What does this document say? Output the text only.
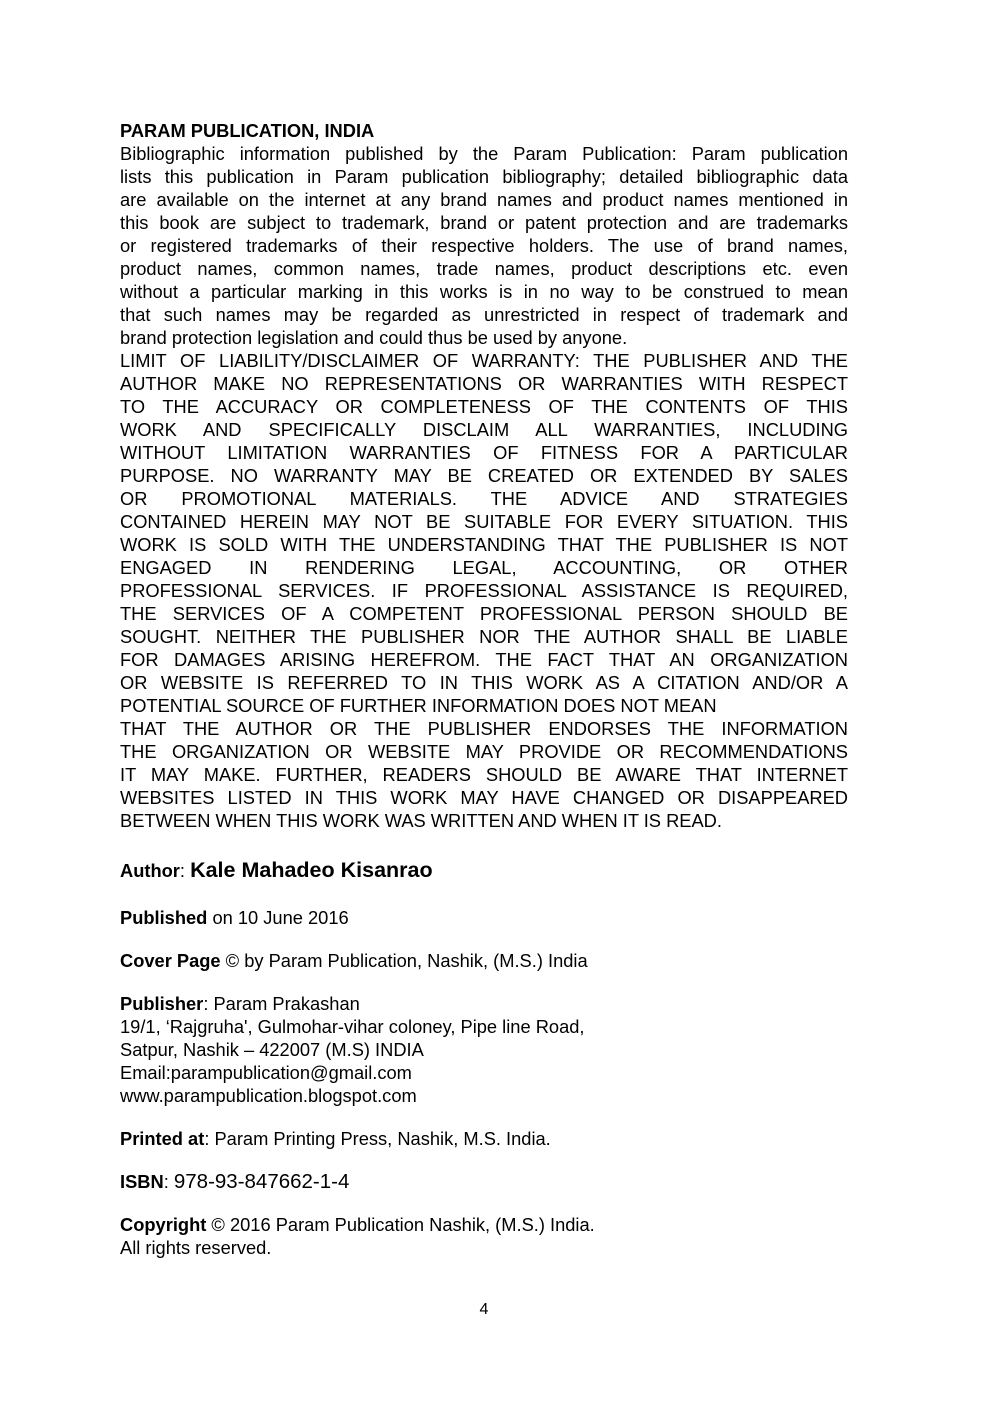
PARAM PUBLICATION, INDIA
Bibliographic information published by the Param Publication: Param publication
lists this publication in Param publication bibliography; detailed bibliographic data
are available on the internet at any brand names and product names mentioned in
this book are subject to trademark, brand or patent protection and are trademarks
or registered trademarks of their respective holders. The use of brand names,
product names, common names, trade names, product descriptions etc. even
without a particular marking in this works is in no way to be construed to mean
that such names may be regarded as unrestricted in respect of trademark and
brand protection legislation and could thus be used by anyone.
LIMIT OF LIABILITY/DISCLAIMER OF WARRANTY: THE PUBLISHER AND THE
AUTHOR MAKE NO REPRESENTATIONS OR WARRANTIES WITH RESPECT
TO THE ACCURACY OR COMPLETENESS OF THE CONTENTS OF THIS
WORK AND SPECIFICALLY DISCLAIM ALL WARRANTIES, INCLUDING
WITHOUT LIMITATION WARRANTIES OF FITNESS FOR A PARTICULAR
PURPOSE. NO WARRANTY MAY BE CREATED OR EXTENDED BY SALES
OR PROMOTIONAL MATERIALS. THE ADVICE AND STRATEGIES
CONTAINED HEREIN MAY NOT BE SUITABLE FOR EVERY SITUATION. THIS
WORK IS SOLD WITH THE UNDERSTANDING THAT THE PUBLISHER IS NOT
ENGAGED IN RENDERING LEGAL, ACCOUNTING, OR OTHER
PROFESSIONAL SERVICES. IF PROFESSIONAL ASSISTANCE IS REQUIRED,
THE SERVICES OF A COMPETENT PROFESSIONAL PERSON SHOULD BE
SOUGHT. NEITHER THE PUBLISHER NOR THE AUTHOR SHALL BE LIABLE
FOR DAMAGES ARISING HEREFROM. THE FACT THAT AN ORGANIZATION
OR WEBSITE IS REFERRED TO IN THIS WORK AS A CITATION AND/OR A
POTENTIAL SOURCE OF FURTHER INFORMATION DOES NOT MEAN
THAT THE AUTHOR OR THE PUBLISHER ENDORSES THE INFORMATION
THE ORGANIZATION OR WEBSITE MAY PROVIDE OR RECOMMENDATIONS
IT MAY MAKE. FURTHER, READERS SHOULD BE AWARE THAT INTERNET
WEBSITES LISTED IN THIS WORK MAY HAVE CHANGED OR DISAPPEARED
BETWEEN WHEN THIS WORK WAS WRITTEN AND WHEN IT IS READ.
Author: Kale Mahadeo Kisanrao
Published on 10 June 2016
Cover Page © by Param Publication, Nashik, (M.S.) India
Publisher: Param Prakashan
19/1, ‘Rajgruha', Gulmohar-vihar coloney, Pipe line Road,
Satpur, Nashik – 422007 (M.S) INDIA
Email:parampublication@gmail.com
www.parampublication.blogspot.com
Printed at: Param Printing Press, Nashik, M.S. India.
ISBN: 978-93-847662-1-4
Copyright © 2016 Param Publication Nashik, (M.S.) India.
All rights reserved.
4
